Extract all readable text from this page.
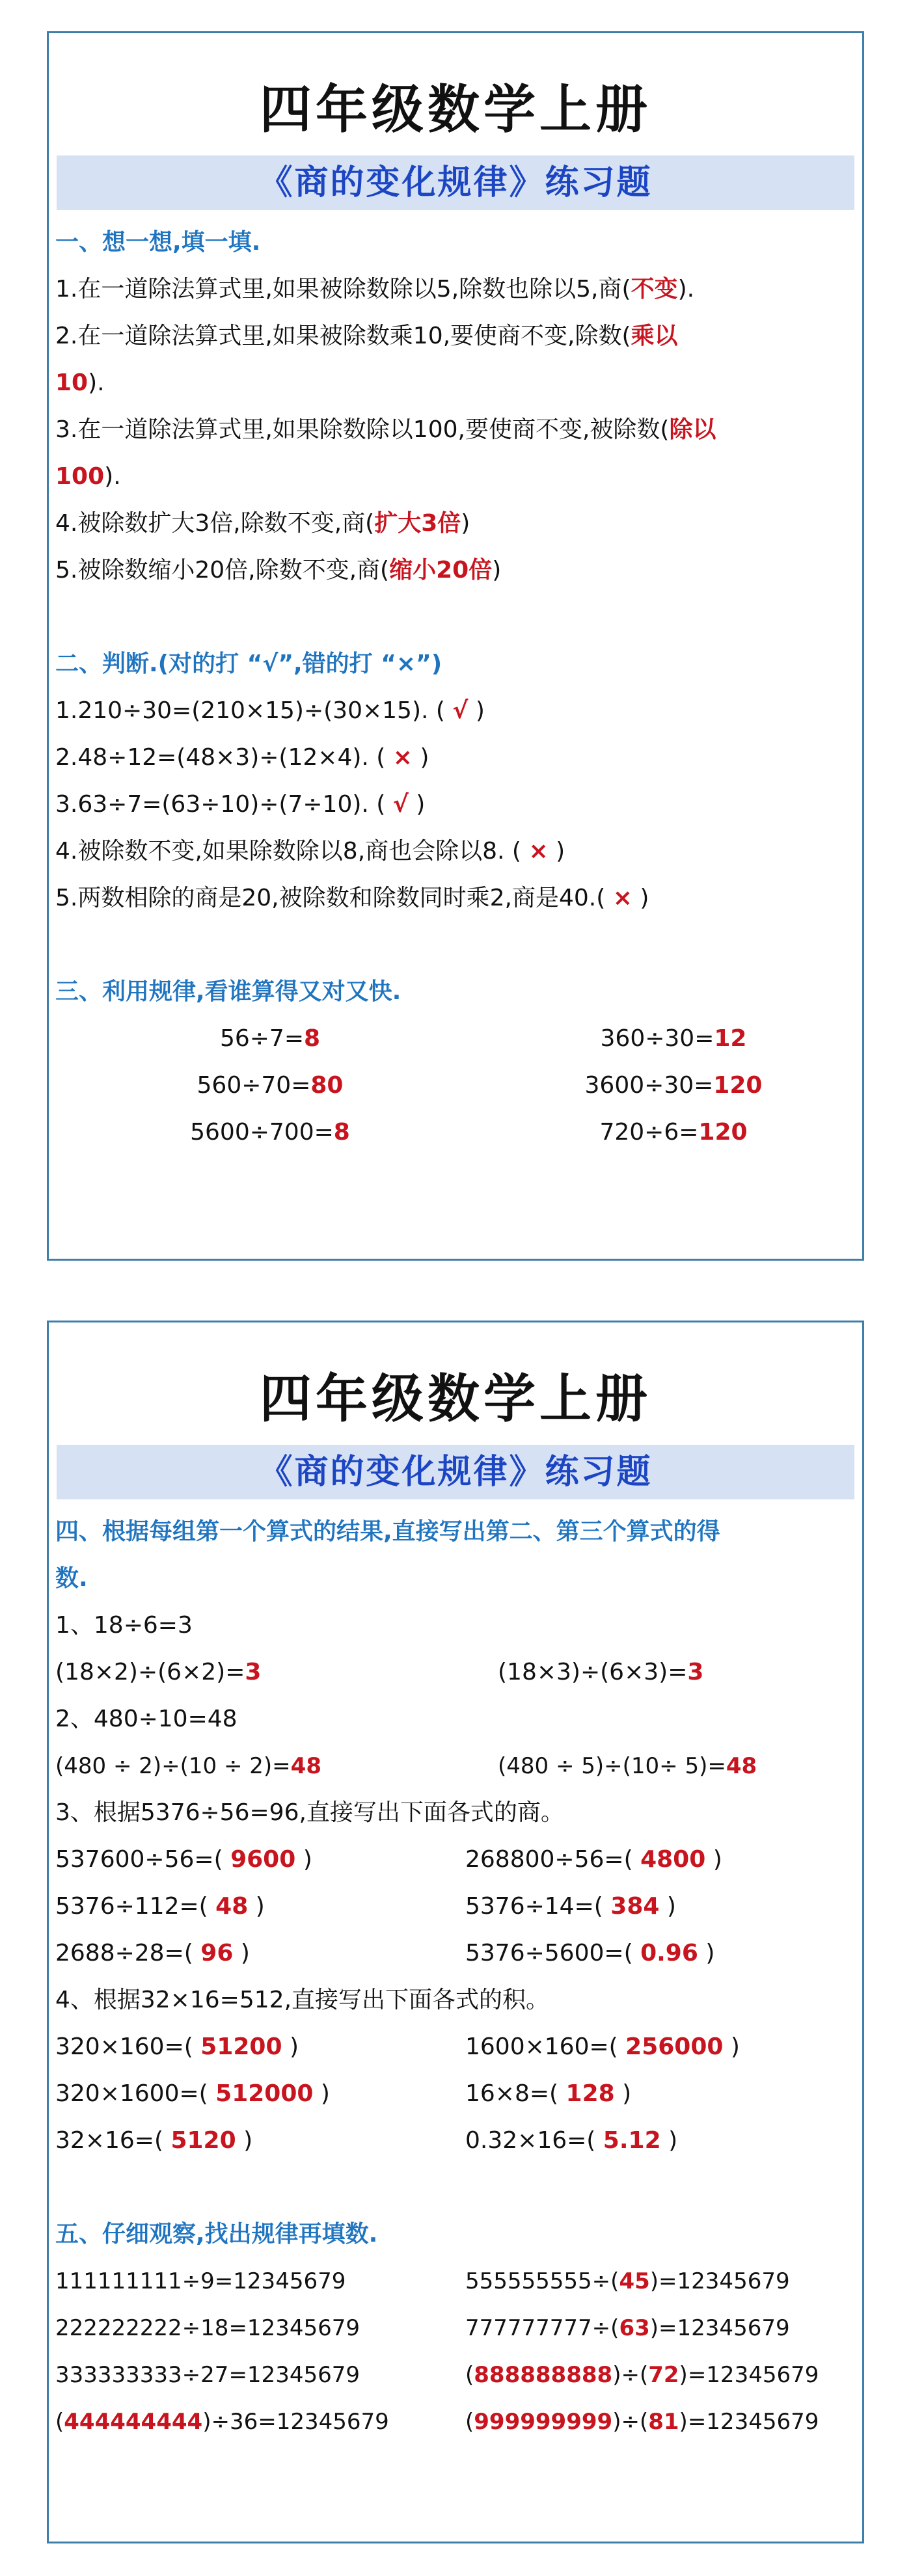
四年级数学上册
《商的变化规律》练习题
一、想一想,填一填.
1.在一道除法算式里,如果被除数除以5,除数也除以5,商(不变).
2.在一道除法算式里,如果被除数乘10,要使商不变,除数(乘以
10).
3.在一道除法算式里,如果除数除以100,要使商不变,被除数(除以
100).
4.被除数扩大3倍,除数不变,商(扩大3倍)
5.被除数缩小20倍,除数不变,商(缩小20倍)
二、判断.(对的打 “√”,错的打 “×”)
1.210÷30=(210×15)÷(30×15). ( √ )
2.48÷12=(48×3)÷(12×4). ( × )
3.63÷7=(63÷10)÷(7÷10). ( √ )
4.被除数不变,如果除数除以8,商也会除以8. ( × )
5.两数相除的商是20,被除数和除数同时乘2,商是40.( × )
三、利用规律,看谁算得又对又快.
56÷7=8	360÷30=12
560÷70=80	3600÷30=120
5600÷700=8	720÷6=120
四年级数学上册
《商的变化规律》练习题
四、根据每组第一个算式的结果,直接写出第二、第三个算式的得
数.
1、18÷6=3
(18×2)÷(6×2)=3	(18×3)÷(6×3)=3
2、480÷10=48
(480 ÷ 2)÷(10 ÷ 2)=48	(480 ÷ 5)÷(10÷ 5)=48
3、根据5376÷56=96,直接写出下面各式的商。
537600÷56=( 9600 )	268800÷56=( 4800 )
5376÷112=( 48 )	5376÷14=( 384 )
2688÷28=( 96 )	5376÷5600=( 0.96 )
4、根据32×16=512,直接写出下面各式的积。
320×160=( 51200 )	1600×160=( 256000 )
320×1600=( 512000 )	16×8=( 128 )
32×16=( 5120 )	0.32×16=( 5.12 )
五、仔细观察,找出规律再填数.
111111111÷9=12345679	555555555÷(45)=12345679
222222222÷18=12345679	777777777÷(63)=12345679
333333333÷27=12345679	(888888888)÷(72)=12345679
(444444444)÷36=12345679	(999999999)÷(81)=12345679
